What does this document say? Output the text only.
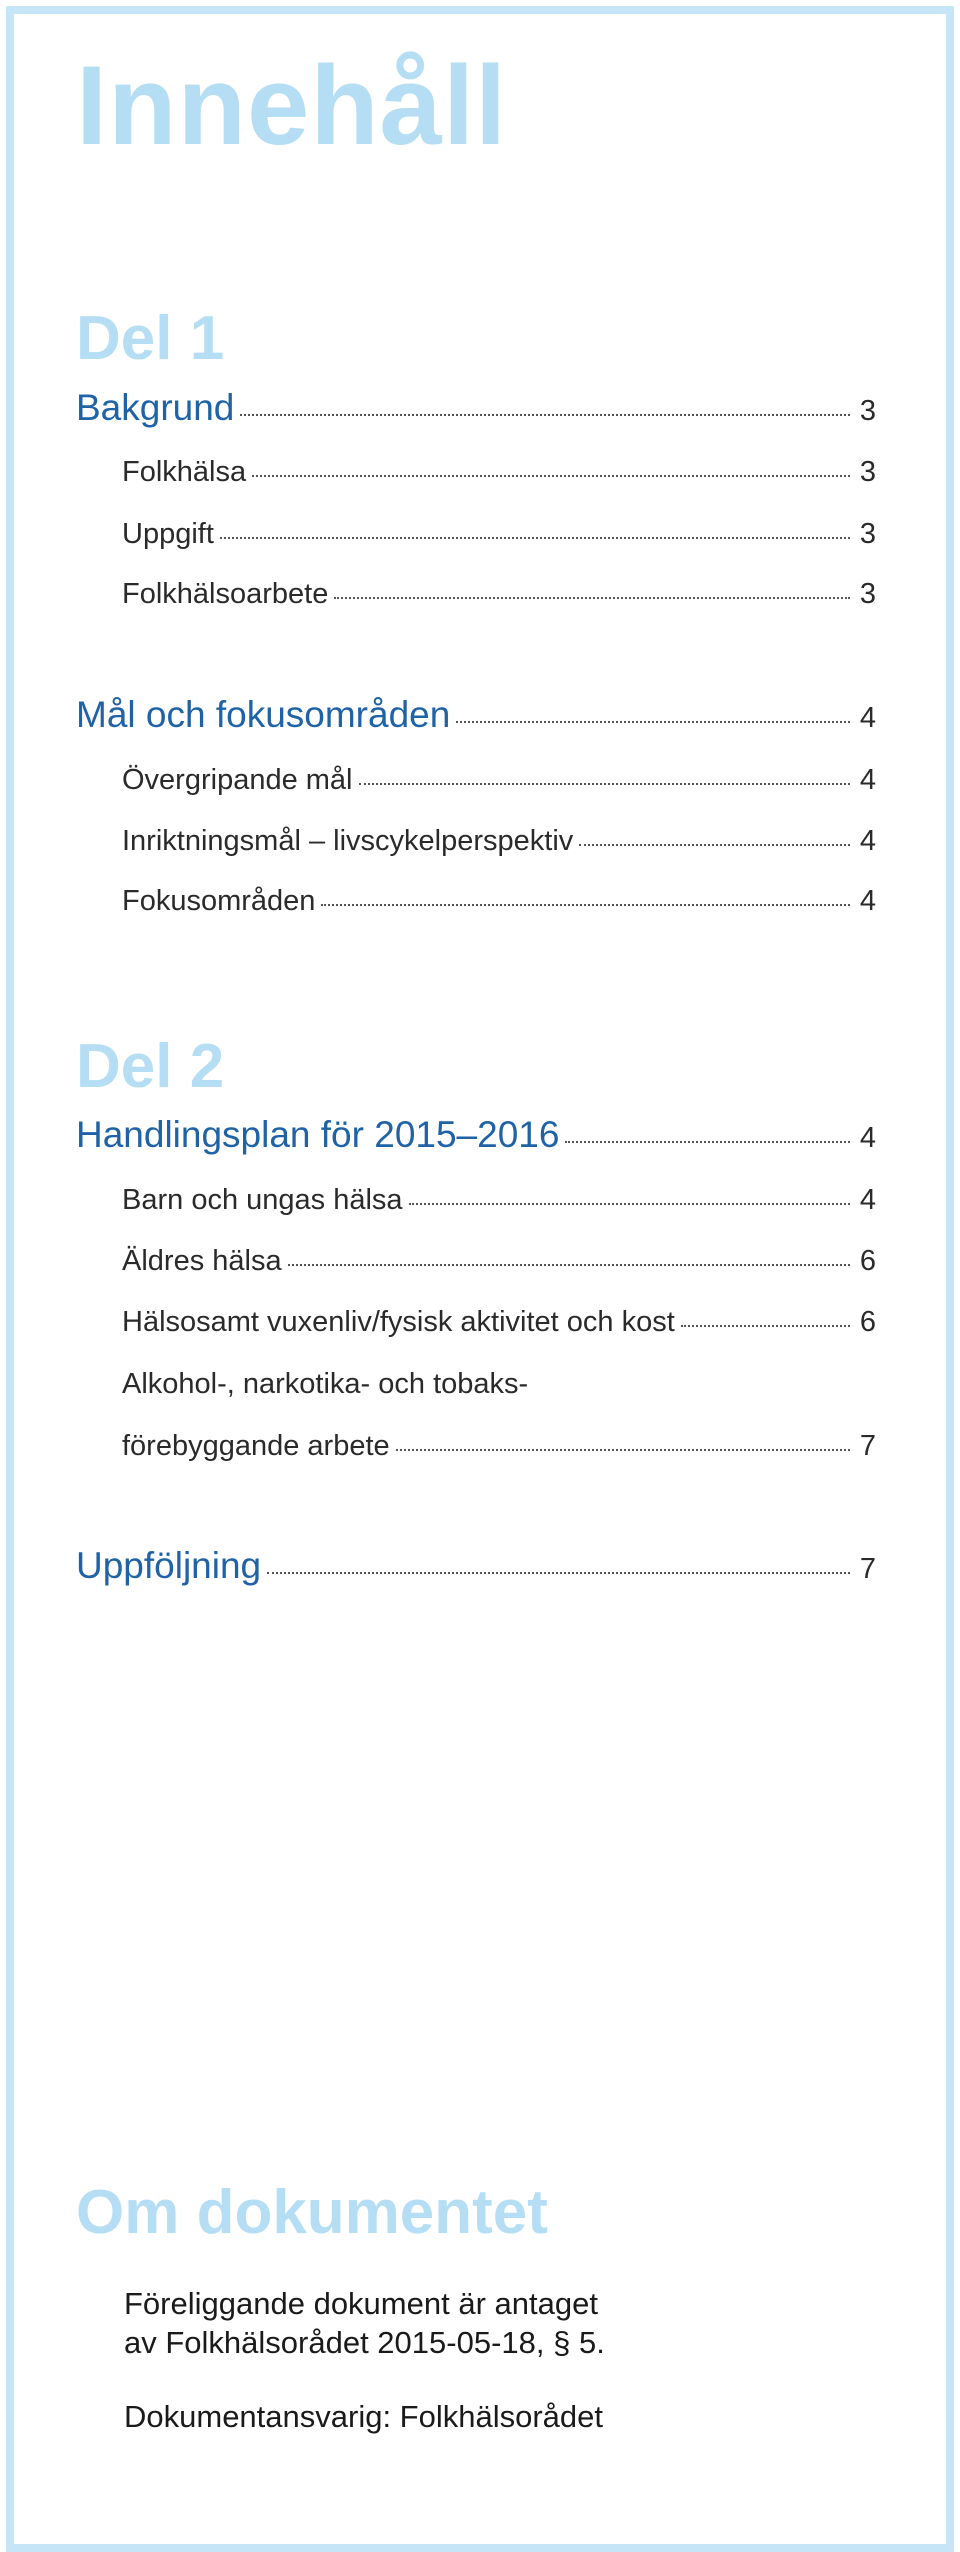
Innehåll
Del 1
Bakgrund	3
Folkhälsa	3
Uppgift	3
Folkhälsoarbete	3
Mål och fokusområden	4
Övergripande mål	4
Inriktningsmål – livscykelperspektiv	4
Fokusområden	4
Del 2
Handlingsplan för 2015–2016	4
Barn och ungas hälsa	4
Äldres hälsa	6
Hälsosamt vuxenliv/fysisk aktivitet och kost	6
Alkohol-, narkotika- och tobaks-
förebyggande arbete	7
Uppföljning	7
Om dokumentet
Föreliggande dokument är antaget
av Folkhälsorådet 2015-05-18, § 5.
Dokumentansvarig: Folkhälsorådet
